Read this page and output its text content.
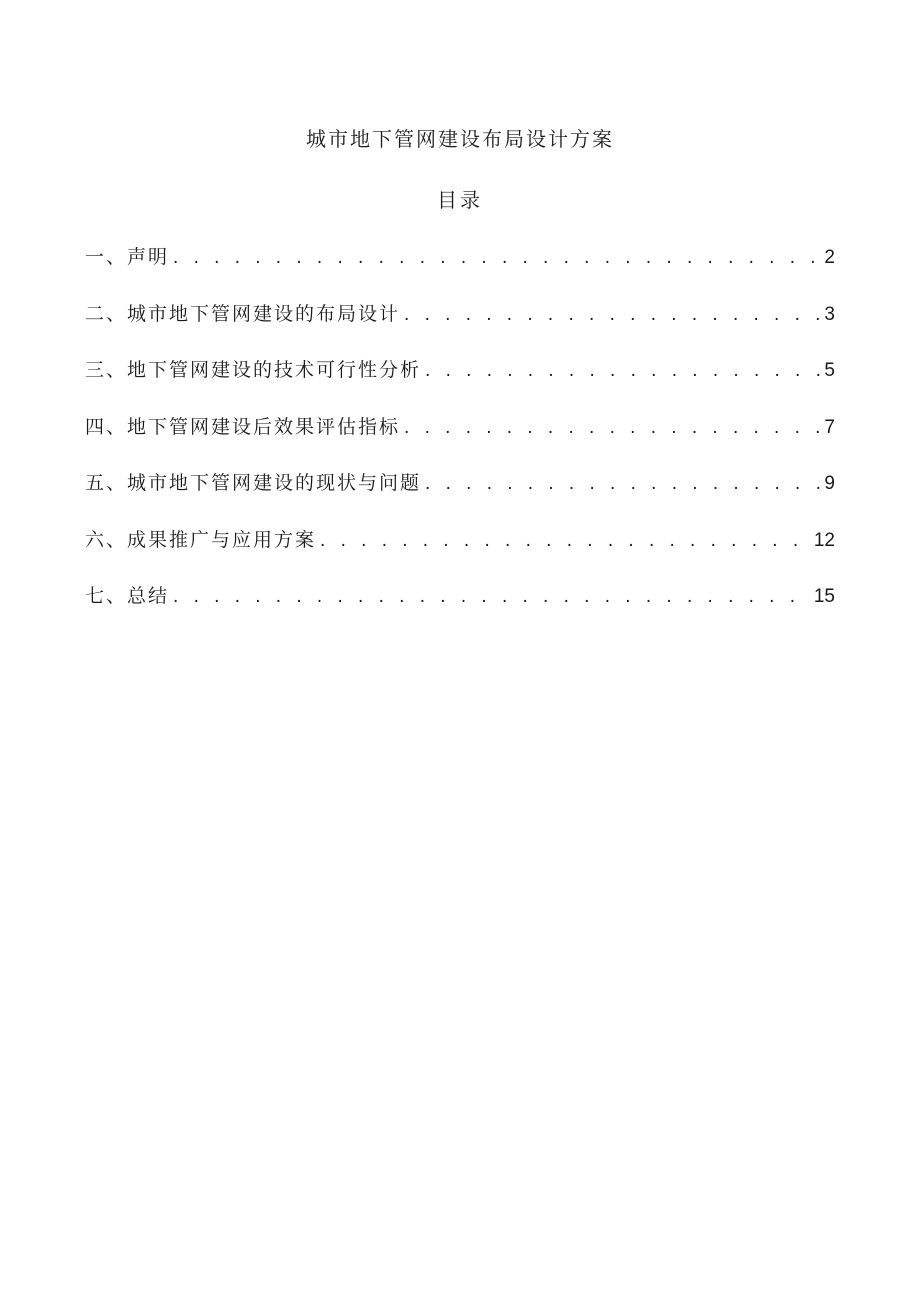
城市地下管网建设布局设计方案
目录
一、声明 . . .	2
二、城市地下管网建设的布局设计 . . .	3
三、地下管网建设的技术可行性分析 . . .	5
四、地下管网建设后效果评估指标 . . .	7
五、城市地下管网建设的现状与问题 . . .	9
六、成果推广与应用方案 . . .	12
七、总结 . . .	15
